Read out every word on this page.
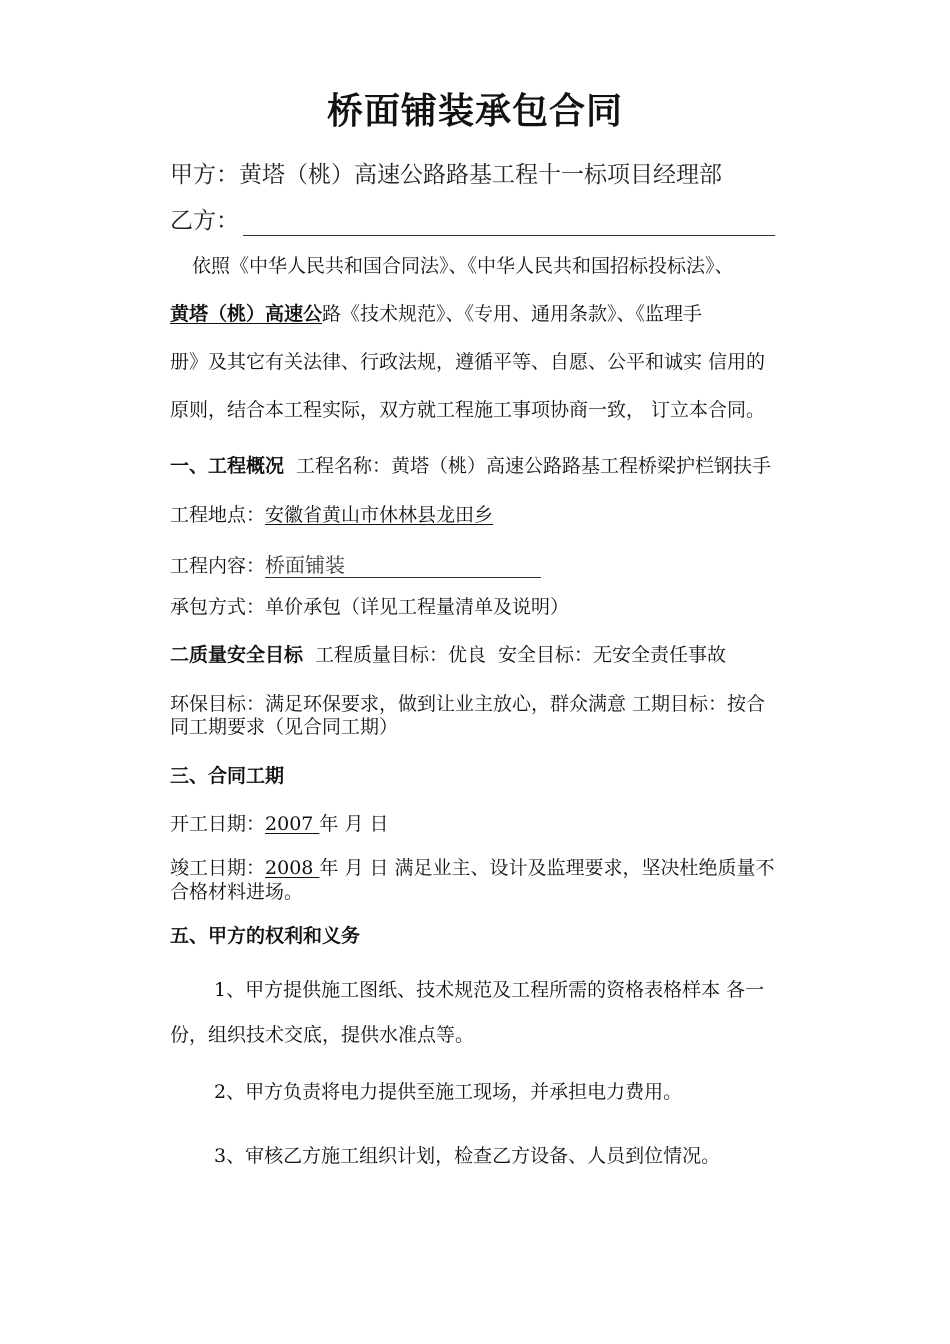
桥面铺装承包合同
甲方：黄塔（桃）高速公路路基工程十一标项目经理部
乙方：
依照《中华人民共和国合同法》、《中华人民共和国招标投标法》、
黄塔（桃）高速公路《技术规范》、《专用、通用条款》、《监理手
册》及其它有关法律、行政法规，遵循平等、自愿、公平和诚实 信用的
原则，结合本工程实际，双方就工程施工事项协商一致， 订立本合同。
一、工程概况 工程名称：黄塔（桃）高速公路路基工程桥梁护栏钢扶手
工程地点：安徽省黄山市休林县龙田乡
工程内容：桥面铺装
承包方式：单价承包（详见工程量清单及说明）
二质量安全目标 工程质量目标：优良 安全目标：无安全责任事故
环保目标：满足环保要求，做到让业主放心，群众满意 工期目标：按合
同工期要求（见合同工期）
三、合同工期
开工日期：2007 年 月 日
竣工日期：2008 年 月 日 满足业主、设计及监理要求，坚决杜绝质量不
合格材料进场。
五、甲方的权利和义务
1、甲方提供施工图纸、技术规范及工程所需的资格表格样本 各一
份，组织技术交底，提供水准点等。
2、甲方负责将电力提供至施工现场，并承担电力费用。
3、审核乙方施工组织计划，检查乙方设备、人员到位情况。
